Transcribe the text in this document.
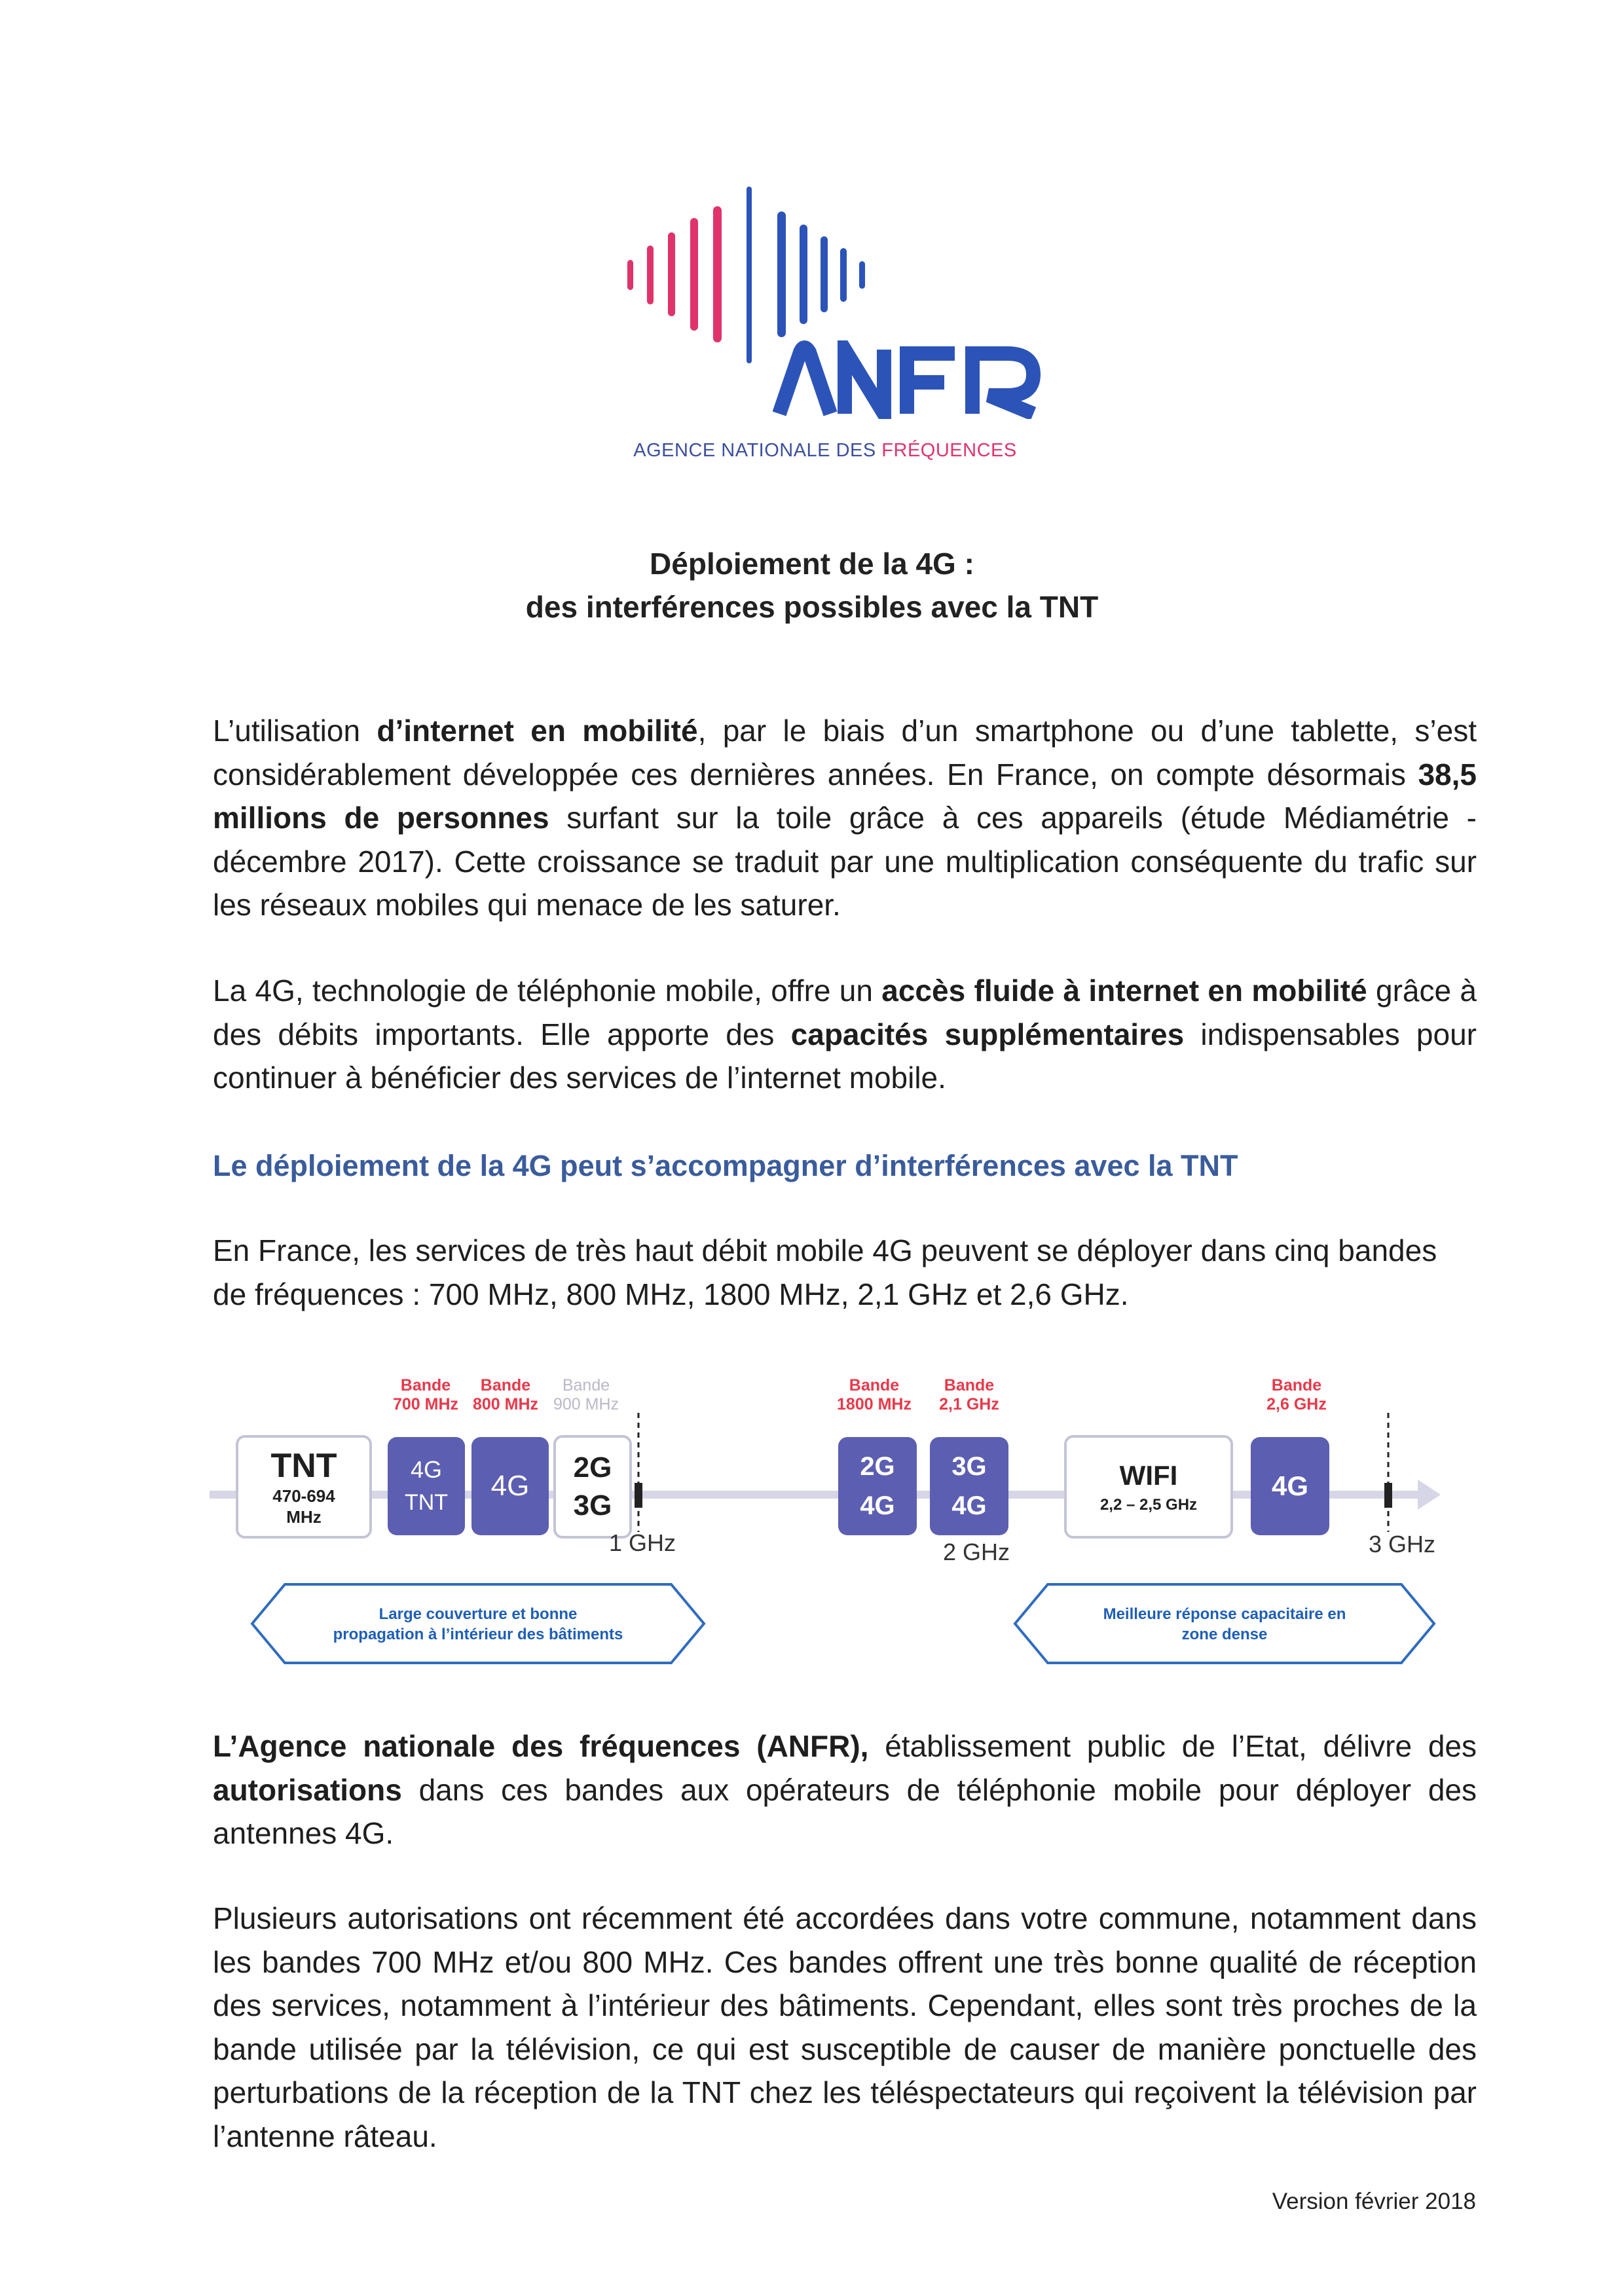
AGENCE NATIONALE DES FRÉQUENCES
Déploiement de la 4G :
des interférences possibles avec la TNT
L’utilisation d’internet en mobilité, par le biais d’un smartphone ou d’une tablette, s’est considérablement développée ces dernières années. En France, on compte désormais 38,5 millions de personnes surfant sur la toile grâce à ces appareils (étude Médiamétrie - décembre 2017). Cette croissance se traduit par une multiplication conséquente du trafic sur les réseaux mobiles qui menace de les saturer.
La 4G, technologie de téléphonie mobile, offre un accès fluide à internet en mobilité grâce à des débits importants. Elle apporte des capacités supplémentaires indispensables pour continuer à bénéficier des services de l’internet mobile.
Le déploiement de la 4G peut s’accompagner d’interférences avec la TNT
En France, les services de très haut débit mobile 4G peuvent se déployer dans cinq bandes de fréquences : 700 MHz, 800 MHz, 1800 MHz, 2,1 GHz et 2,6 GHz.
Bande
700 MHz
Bande
800 MHz
Bande
900 MHz
Bande
1800 MHz
Bande
2,1 GHz
Bande
2,6 GHz
TNT
470-694
MHz
4G
TNT
4G
2G
3G
2G
4G
3G
4G
WIFI
2,2 – 2,5 GHz
4G
1 GHz	2 GHz	3 GHz
Large couverture et bonne
propagation à l’intérieur des bâtiments
Meilleure réponse capacitaire en
zone dense
L’Agence nationale des fréquences (ANFR), établissement public de l’Etat, délivre des autorisations dans ces bandes aux opérateurs de téléphonie mobile pour déployer des antennes 4G.
Plusieurs autorisations ont récemment été accordées dans votre commune, notamment dans les bandes 700 MHz et/ou 800 MHz. Ces bandes offrent une très bonne qualité de réception des services, notamment à l’intérieur des bâtiments. Cependant, elles sont très proches de la bande utilisée par la télévision, ce qui est susceptible de causer de manière ponctuelle des perturbations de la réception de la TNT chez les téléspectateurs qui reçoivent la télévision par l’antenne râteau.
Version février 2018
